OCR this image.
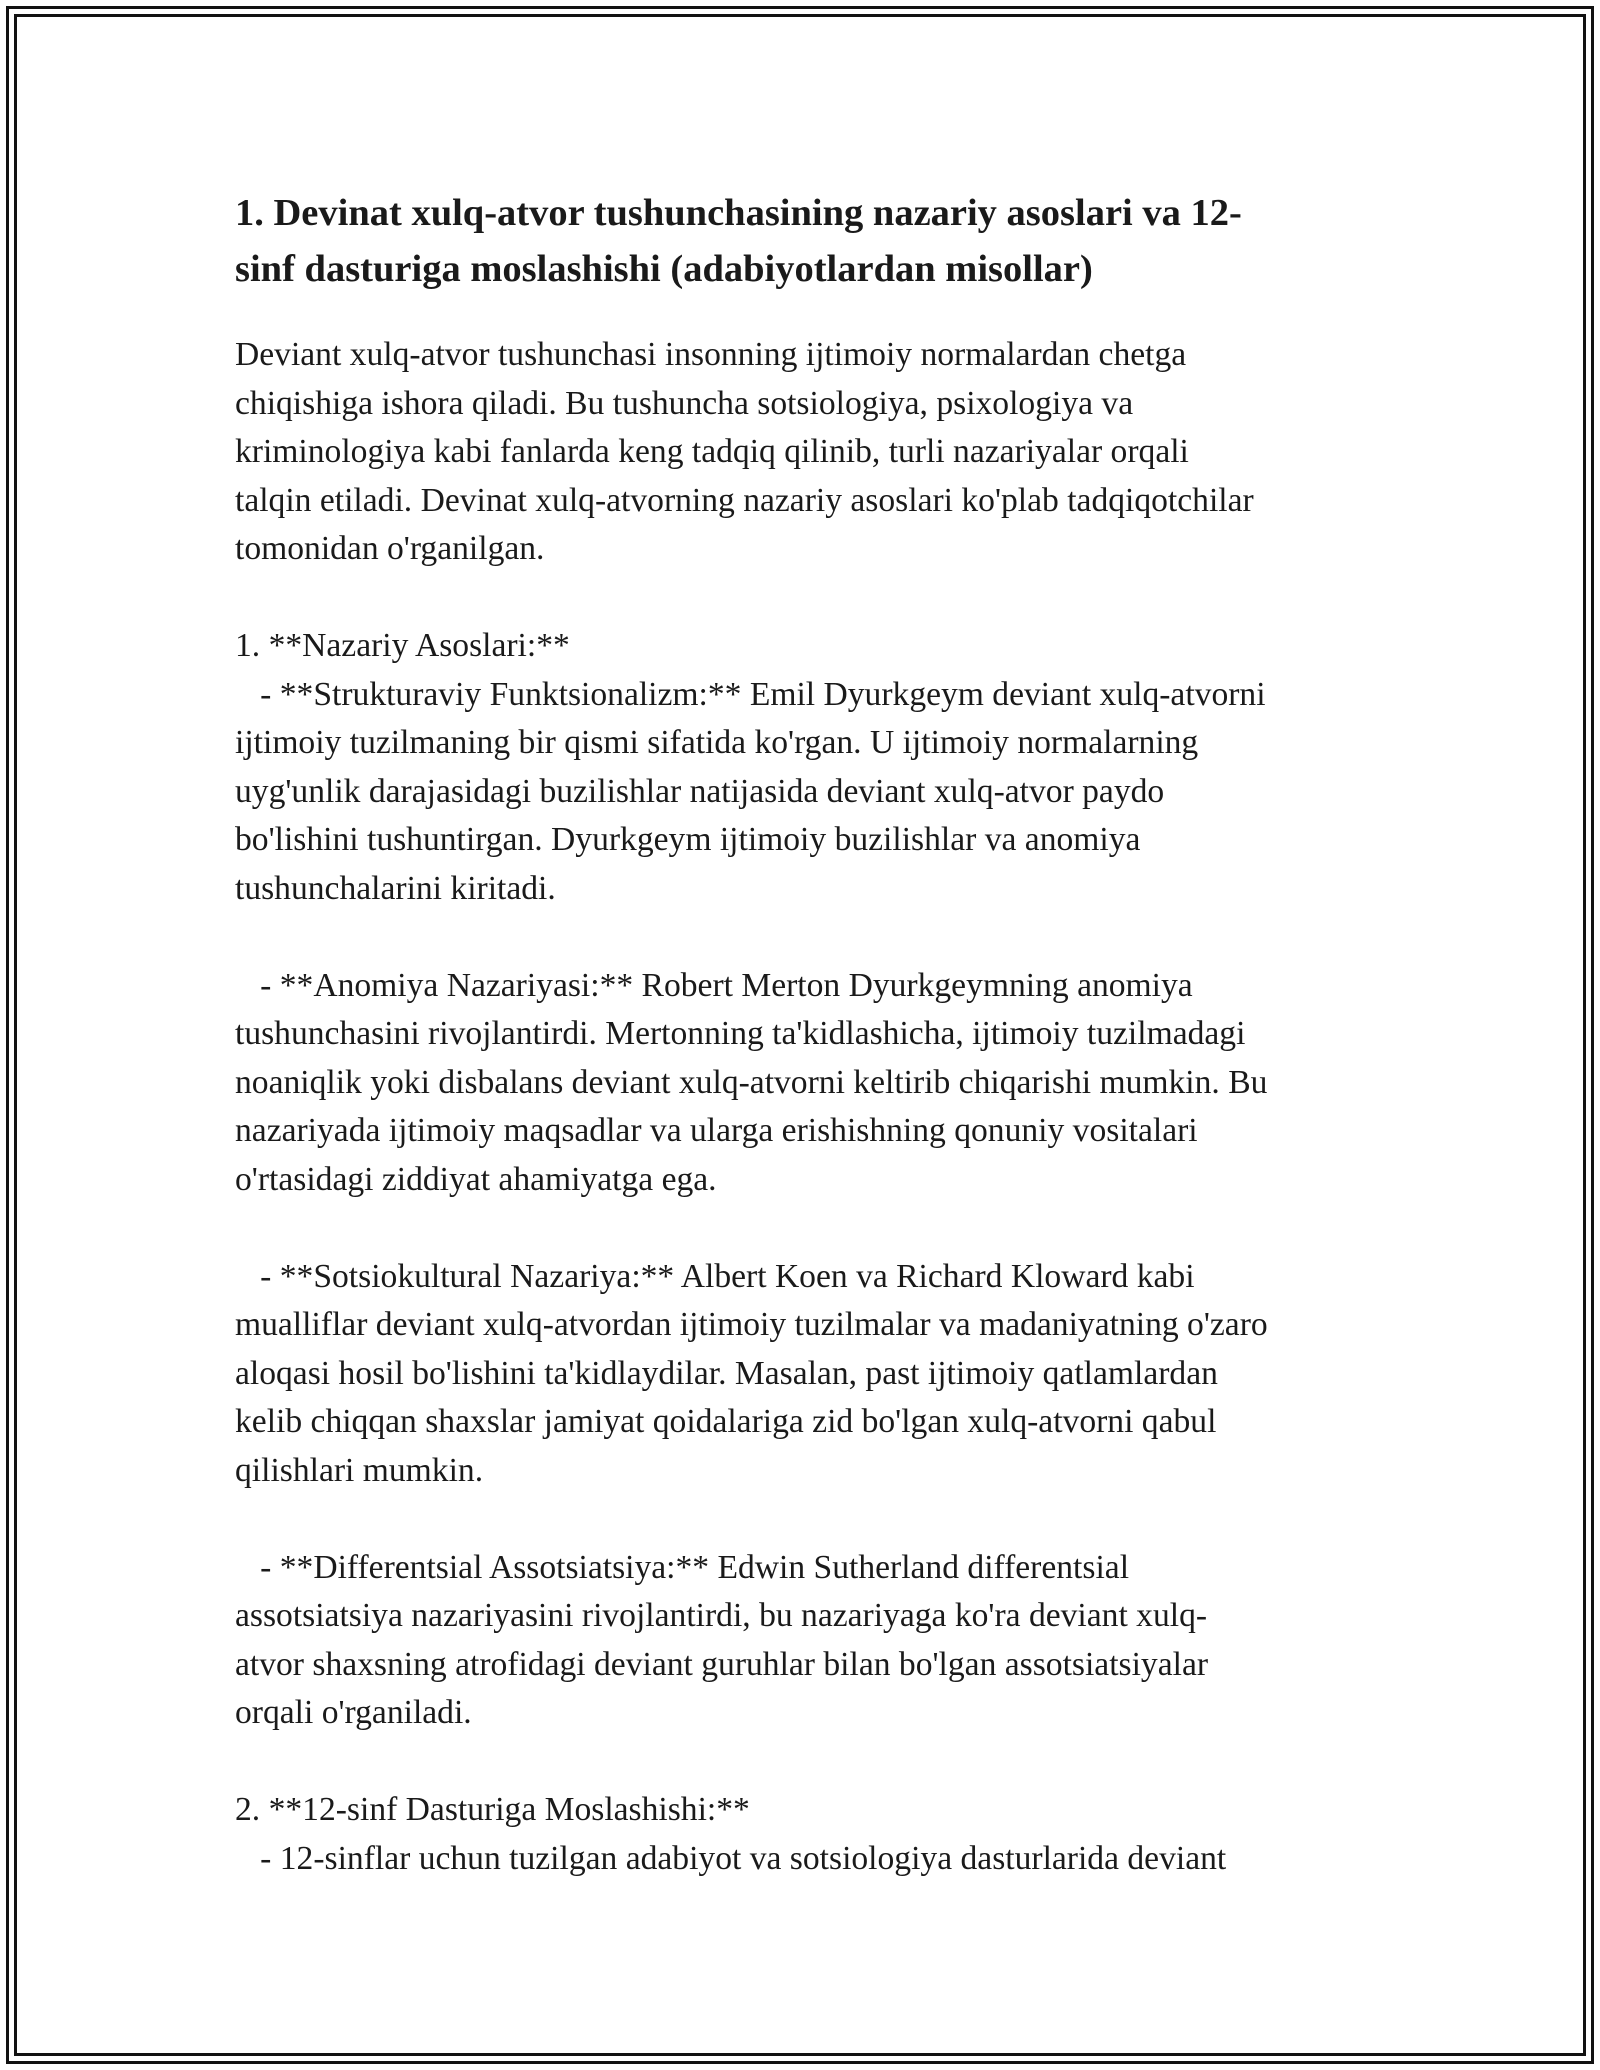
1. Devinat xulq-atvor tushunchasining nazariy asoslari va 12-
sinf dasturiga moslashishi (adabiyotlardan misollar)

Deviant xulq-atvor tushunchasi insonning ijtimoiy normalardan chetga
chiqishiga ishora qiladi. Bu tushuncha sotsiologiya, psixologiya va
kriminologiya kabi fanlarda keng tadqiq qilinib, turli nazariyalar orqali
talqin etiladi. Devinat xulq-atvorning nazariy asoslari ko'plab tadqiqotchilar
tomonidan o'rganilgan.

1. **Nazariy Asoslari:**
- **Strukturaviy Funktsionalizm:** Emil Dyurkgeym deviant xulq-atvorni
ijtimoiy tuzilmaning bir qismi sifatida ko'rgan. U ijtimoiy normalarning
uyg'unlik darajasidagi buzilishlar natijasida deviant xulq-atvor paydo
bo'lishini tushuntirgan. Dyurkgeym ijtimoiy buzilishlar va anomiya
tushunchalarini kiritadi.

- **Anomiya Nazariyasi:** Robert Merton Dyurkgeymning anomiya
tushunchasini rivojlantirdi. Mertonning ta'kidlashicha, ijtimoiy tuzilmadagi
noaniqlik yoki disbalans deviant xulq-atvorni keltirib chiqarishi mumkin. Bu
nazariyada ijtimoiy maqsadlar va ularga erishishning qonuniy vositalari
o'rtasidagi ziddiyat ahamiyatga ega.

- **Sotsiokultural Nazariya:** Albert Koen va Richard Kloward kabi
mualliflar deviant xulq-atvordan ijtimoiy tuzilmalar va madaniyatning o'zaro
aloqasi hosil bo'lishini ta'kidlaydilar. Masalan, past ijtimoiy qatlamlardan
kelib chiqqan shaxslar jamiyat qoidalariga zid bo'lgan xulq-atvorni qabul
qilishlari mumkin.

- **Differentsial Assotsiatsiya:** Edwin Sutherland differentsial
assotsiatsiya nazariyasini rivojlantirdi, bu nazariyaga ko'ra deviant xulq-
atvor shaxsning atrofidagi deviant guruhlar bilan bo'lgan assotsiatsiyalar
orqali o'rganiladi.

2. **12-sinf Dasturiga Moslashishi:**
- 12-sinflar uchun tuzilgan adabiyot va sotsiologiya dasturlarida deviant
